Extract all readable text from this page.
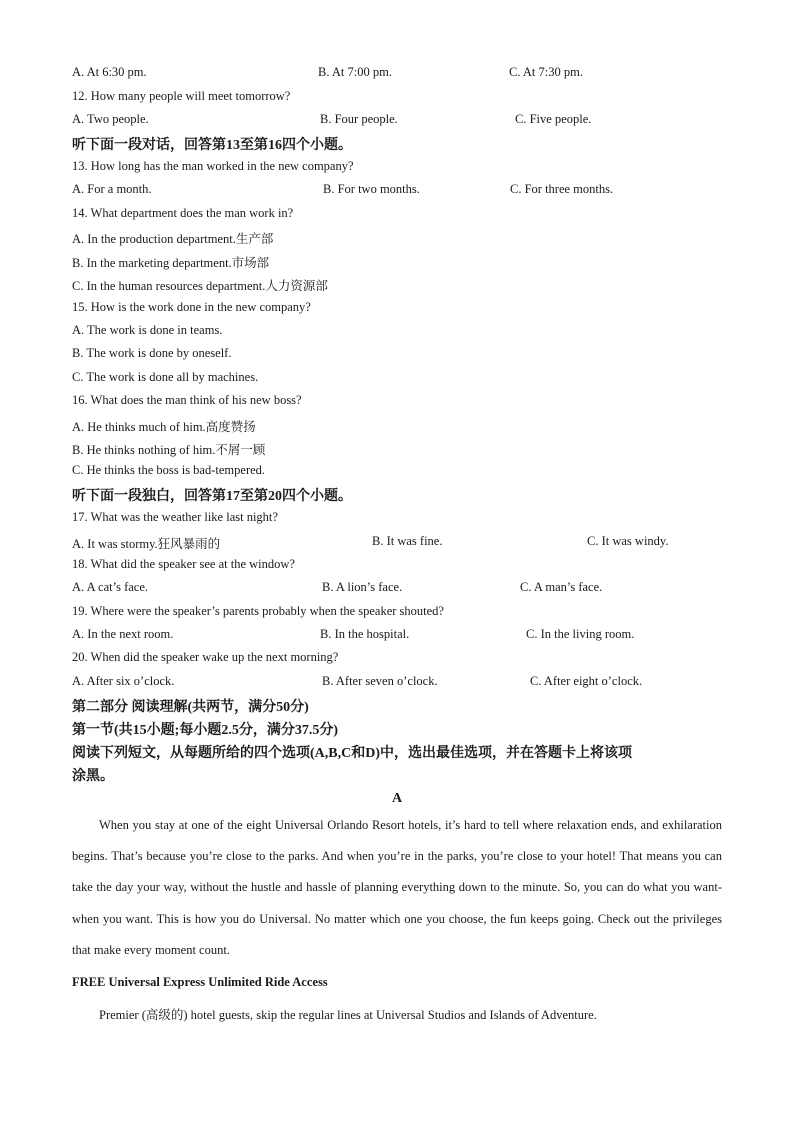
A. At 6:30 pm.	B. At 7:00 pm.	C. At 7:30 pm.
12. How many people will meet tomorrow?
A. Two people.	B. Four people.	C. Five people.
听下面一段对话，回答第13至第16四个小题。
13. How long has the man worked in the new company?
A. For a month.	B. For two months.	C. For three months.
14. What department does the man work in?
A. In the production department.生产部
B. In the marketing department.市场部
C. In the human resources department.人力资源部
15. How is the work done in the new company?
A. The work is done in teams.
B. The work is done by oneself.
C. The work is done all by machines.
16. What does the man think of his new boss?
A. He thinks much of him.高度赞扬
B. He thinks nothing of him.不屑一顾
C. He thinks the boss is bad-tempered.
听下面一段独白，回答第17至第20四个小题。
17. What was the weather like last night?
A. It was stormy.狂风暴雨的	B. It was fine.	C. It was windy.
18. What did the speaker see at the window?
A. A cat’s face.	B. A lion’s face.	C. A man’s face.
19. Where were the speaker’s parents probably when the speaker shouted?
A. In the next room.	B. In the hospital.	C. In the living room.
20. When did the speaker wake up the next morning?
A. After six o’clock.	B. After seven o’clock.	C. After eight o’clock.
第二部分 阅读理解(共两节，满分50分)
第一节(共15小题;每小题2.5分，满分37.5分)
阅读下列短文，从每题所给的四个选项(A,B,C和D)中，选出最佳选项，并在答题卡上将该项
涂黑。
A

When you stay at one of the eight Universal Orlando Resort hotels, it’s hard to tell where relaxation ends, and exhilaration begins. That’s because you’re close to the parks. And when you’re in the parks, you’re close to your hotel! That means you can take the day your way, without the hustle and hassle of planning everything down to the minute. So, you can do what you want- when you want. This is how you do Universal. No matter which one you choose, the fun keeps going. Check out the privileges that make every moment count.

FREE Universal Express Unlimited Ride Access
Premier (高级的) hotel guests, skip the regular lines at Universal Studios and Islands of Adventure.
